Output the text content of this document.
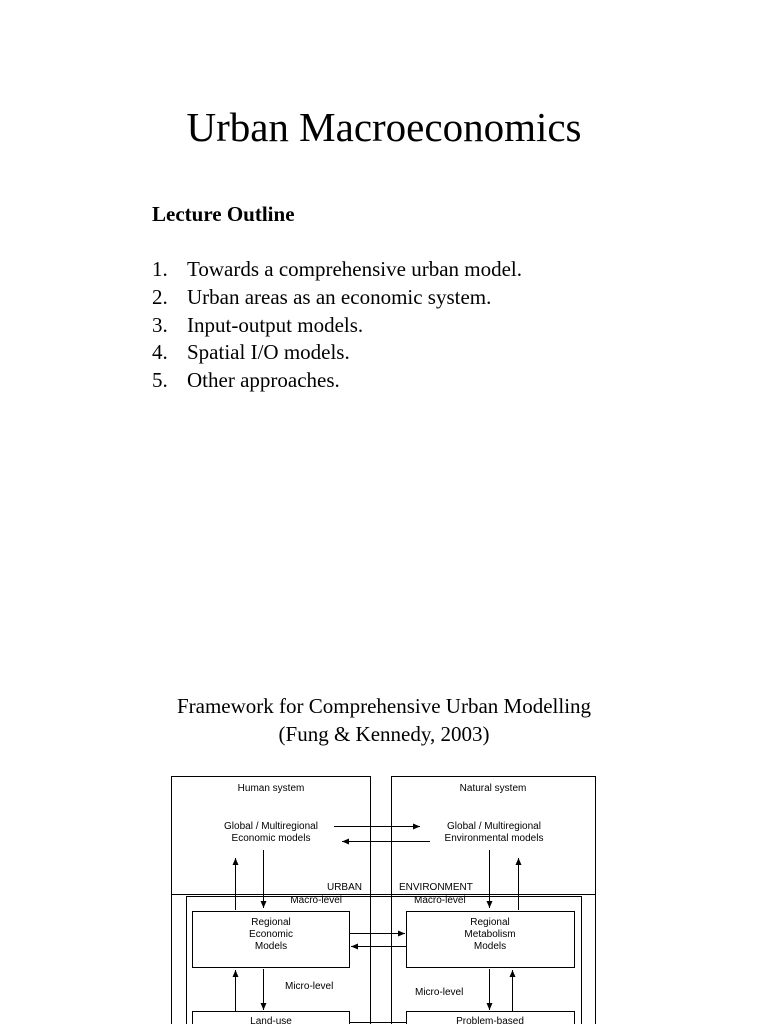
Urban Macroeconomics
Lecture Outline
1. Towards a comprehensive urban model.
2. Urban areas as an economic system.
3. Input-output models.
4. Spatial I/O models.
5. Other approaches.
Framework for Comprehensive Urban Modelling
(Fung & Kennedy, 2003)
Human system	Natural system
Global / Multiregional
Economic models
Global / Multiregional
Environmental models
URBAN	ENVIRONMENT
Macro-level	Macro-level
Regional
Economic
Models
Regional
Metabolism
Models
Micro-level
Micro-level
Land-use	Problem-based
